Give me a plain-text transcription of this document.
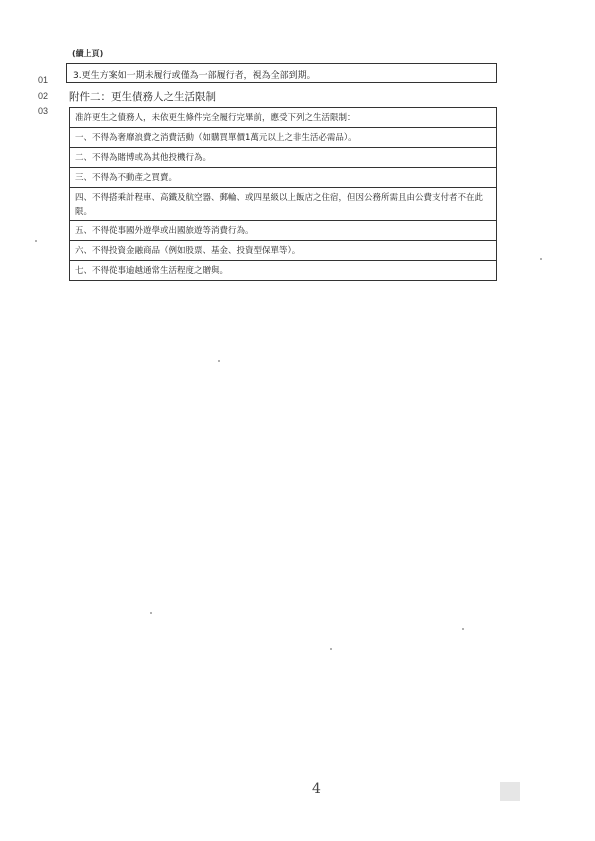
(續上頁)
01
02
03
3.更生方案如一期未履行或僅為一部履行者，視為全部到期。
附件二：更生債務人之生活限制
准許更生之債務人，未依更生條件完全履行完畢前，應受下列之生活限制：
一、不得為奢靡浪費之消費活動（如購買單價1萬元以上之非生活必需品）。
二、不得為賭博或為其他投機行為。
三、不得為不動產之買賣。
四、不得搭乘計程車、高鐵及航空器、郵輪、或四星級以上飯店之住宿，但因公務所需且由公費支付者不在此限。
五、不得從事國外遊學或出國旅遊等消費行為。
六、不得投資金融商品（例如股票、基金、投資型保單等）。
七、不得從事逾越通常生活程度之贈與。
4
